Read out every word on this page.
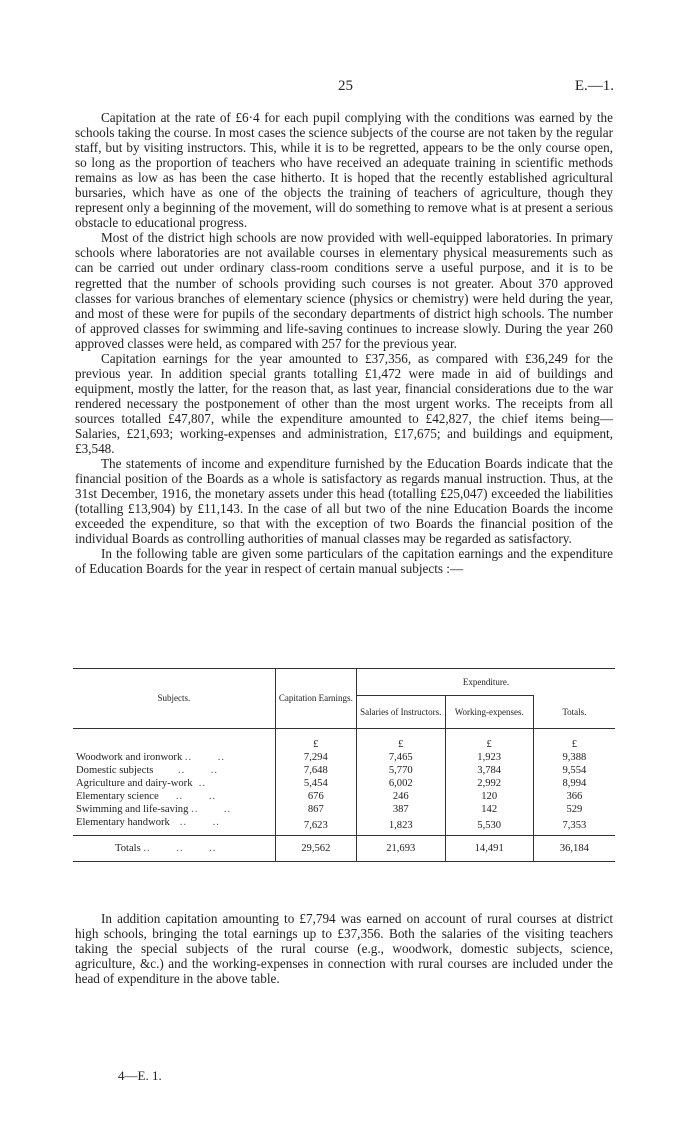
25	E.—1.

Capitation at the rate of £6·4 for each pupil complying with the conditions was earned by the schools taking the course. In most cases the science subjects of the course are not taken by the regular staff, but by visiting instructors. This, while it is to be regretted, appears to be the only course open, so long as the proportion of teachers who have received an adequate training in scientific methods remains as low as has been the case hitherto. It is hoped that the recently established agricultural bursaries, which have as one of the objects the training of teachers of agriculture, though they represent only a beginning of the movement, will do something to remove what is at present a serious obstacle to educational progress.

Most of the district high schools are now provided with well-equipped laboratories. In primary schools where laboratories are not available courses in elementary physical measurements such as can be carried out under ordinary class-room conditions serve a useful purpose, and it is to be regretted that the number of schools providing such courses is not greater. About 370 approved classes for various branches of elementary science (physics or chemistry) were held during the year, and most of these were for pupils of the secondary departments of district high schools. The number of approved classes for swimming and life-saving continues to increase slowly. During the year 260 approved classes were held, as compared with 257 for the previous year.

Capitation earnings for the year amounted to £37,356, as compared with £36,249 for the previous year. In addition special grants totalling £1,472 were made in aid of buildings and equipment, mostly the latter, for the reason that, as last year, financial considerations due to the war rendered necessary the postponement of other than the most urgent works. The receipts from all sources totalled £47,807, while the expenditure amounted to £42,827, the chief items being—Salaries, £21,693; working-expenses and administration, £17,675; and buildings and equipment, £3,548.

The statements of income and expenditure furnished by the Education Boards indicate that the financial position of the Boards as a whole is satisfactory as regards manual instruction. Thus, at the 31st December, 1916, the monetary assets under this head (totalling £25,047) exceeded the liabilities (totalling £13,904) by £11,143. In the case of all but two of the nine Education Boards the income exceeded the expenditure, so that with the exception of two Boards the financial position of the individual Boards as controlling authorities of manual classes may be regarded as satisfactory.

In the following table are given some particulars of the capitation earnings and the expenditure of Education Boards for the year in respect of certain manual subjects :—

Subjects.	Capitation Earnings.	Expenditure.		
		Salaries of Instructors.	Working-expenses.	Totals.
	£	£	£	£
Woodwork and ironwork ..       ..	7,294	7,465	1,923	9,388
Domestic subjects       ..       ..	7,648	5,770	3,784	9,554
Agriculture and dairy-work  ..	5,454	6,002	2,992	8,994
Elementary science     ..       ..	676	246	120	366
Swimming and life-saving ..       ..	867	387	142	529
Elementary handwork   ..       ..	7,623	1,823	5,530	7,353
Totals ..       ..       ..	29,562	21,693	14,491	36,184

In addition capitation amounting to £7,794 was earned on account of rural courses at district high schools, bringing the total earnings up to £37,356. Both the salaries of the visiting teachers taking the special subjects of the rural course (e.g., woodwork, domestic subjects, science, agriculture, &c.) and the working-expenses in connection with rural courses are included under the head of expenditure in the above table.

4—E. 1.
